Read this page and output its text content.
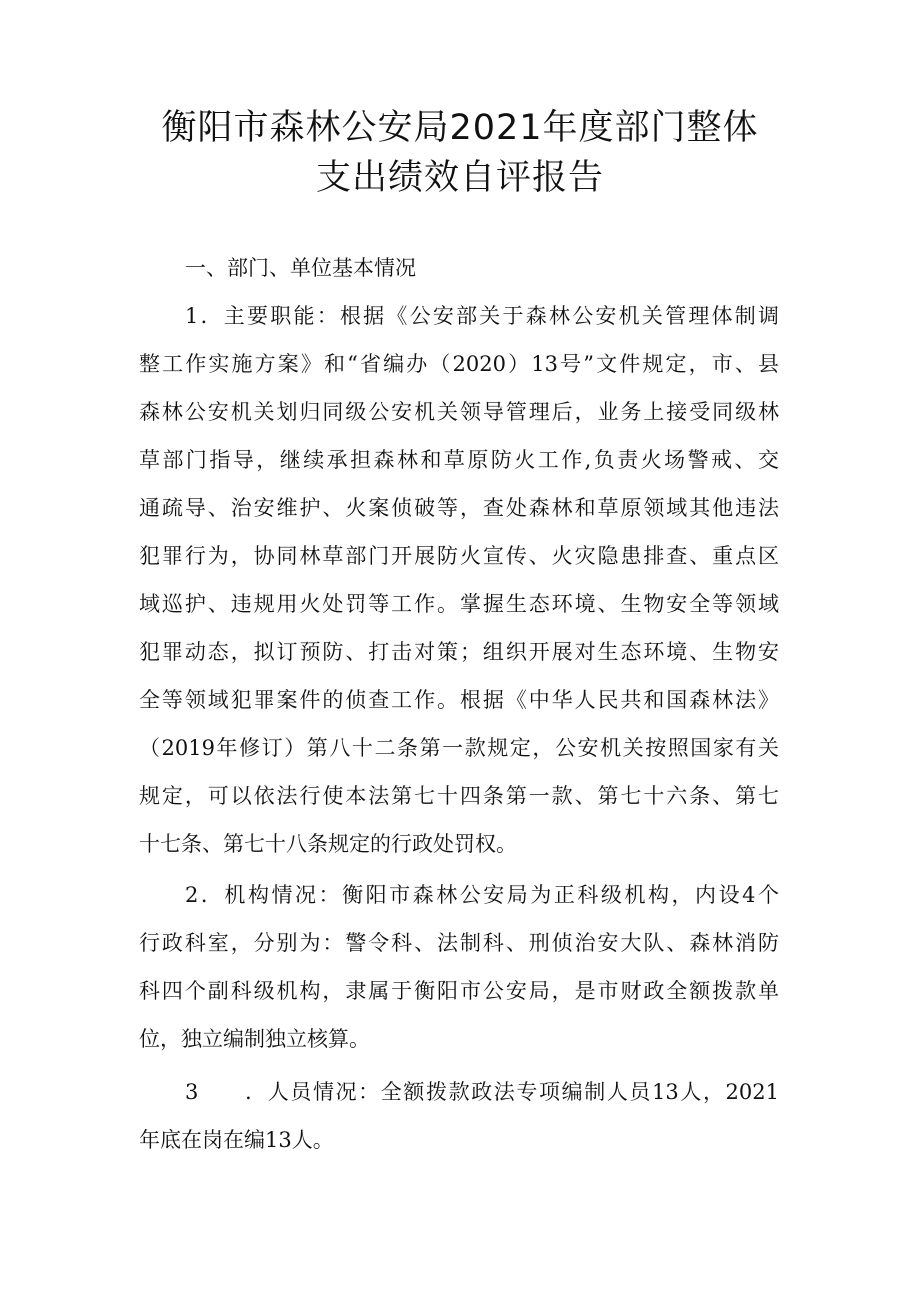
衡阳市森林公安局2021年度部门整体
支出绩效自评报告
一、部门、单位基本情况
1．主要职能：根据《公安部关于森林公安机关管理体制调
整工作实施方案》和“省编办（2020）13号”文件规定，市、县
森林公安机关划归同级公安机关领导管理后，业务上接受同级林
草部门指导，继续承担森林和草原防火工作,负责火场警戒、交
通疏导、治安维护、火案侦破等，查处森林和草原领域其他违法
犯罪行为，协同林草部门开展防火宣传、火灾隐患排查、重点区
域巡护、违规用火处罚等工作。掌握生态环境、生物安全等领域
犯罪动态，拟订预防、打击对策；组织开展对生态环境、生物安
全等领域犯罪案件的侦查工作。根据《中华人民共和国森林法》
（2019年修订）第八十二条第一款规定，公安机关按照国家有关
规定，可以依法行使本法第七十四条第一款、第七十六条、第七
十七条、第七十八条规定的行政处罚权。
2．机构情况：衡阳市森林公安局为正科级机构，内设4个
行政科室，分别为：警令科、法制科、刑侦治安大队、森林消防
科四个副科级机构，隶属于衡阳市公安局，是市财政全额拨款单
位，独立编制独立核算。
3　　．人员情况：全额拨款政法专项编制人员13人，2021
年底在岗在编13人。
